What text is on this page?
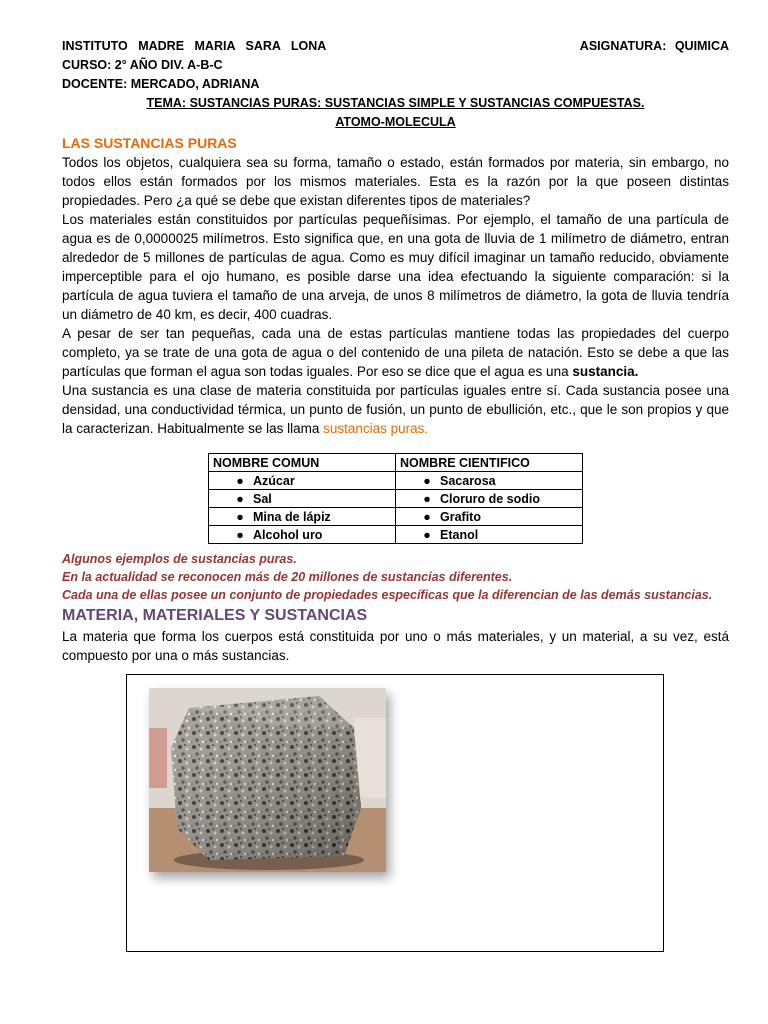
INSTITUTO MADRE MARIA SARA LONA	ASIGNATURA: QUIMICA
CURSO: 2° AÑO DIV. A-B-C
DOCENTE: MERCADO, ADRIANA
TEMA: SUSTANCIAS PURAS: SUSTANCIAS SIMPLE Y SUSTANCIAS COMPUESTAS.
ATOMO-MOLECULA
LAS SUSTANCIAS PURAS

Todos los objetos, cualquiera sea su forma, tamaño o estado, están formados por materia, sin embargo, no todos ellos están formados por los mismos materiales. Esta es la razón por la que poseen distintas propiedades. Pero ¿a qué se debe que existan diferentes tipos de materiales?

Los materiales están constituidos por partículas pequeñísimas. Por ejemplo, el tamaño de una partícula de agua es de 0,0000025 milímetros. Esto significa que, en una gota de lluvia de 1 milímetro de diámetro, entran alrededor de 5 millones de partículas de agua. Como es muy difícil imaginar un tamaño reducido, obviamente imperceptible para el ojo humano, es posible darse una idea efectuando la siguiente comparación: si la partícula de agua tuviera el tamaño de una arveja, de unos 8 milímetros de diámetro, la gota de lluvia tendría un diámetro de 40 km, es decir, 400 cuadras.

A pesar de ser tan pequeñas, cada una de estas partículas mantiene todas las propiedades del cuerpo completo, ya se trate de una gota de agua o del contenido de una pileta de natación. Esto se debe a que las partículas que forman el agua son todas iguales. Por eso se dice que el agua es una sustancia.

Una sustancia es una clase de materia constituida por partículas iguales entre sí. Cada sustancia posee una densidad, una conductividad térmica, un punto de fusión, un punto de ebullición, etc., que le son propios y que la caracterizan. Habitualmente se las llama sustancias puras.

NOMBRE COMUN	NOMBRE CIENTIFICO
● Azúcar	● Sacarosa
● Sal	● Cloruro de sodio
● Mina de lápiz	● Grafito
● Alcohol uro	● Etanol
Algunos ejemplos de sustancias puras.
En la actualidad se reconocen más de 20 millones de sustancias diferentes.
Cada una de ellas posee un conjunto de propiedades específicas que la diferencian de las demás sustancias.
MATERIA, MATERIALES Y SUSTANCIAS

La materia que forma los cuerpos está constituida por uno o más materiales, y un material, a su vez, está compuesto por una o más sustancias.
